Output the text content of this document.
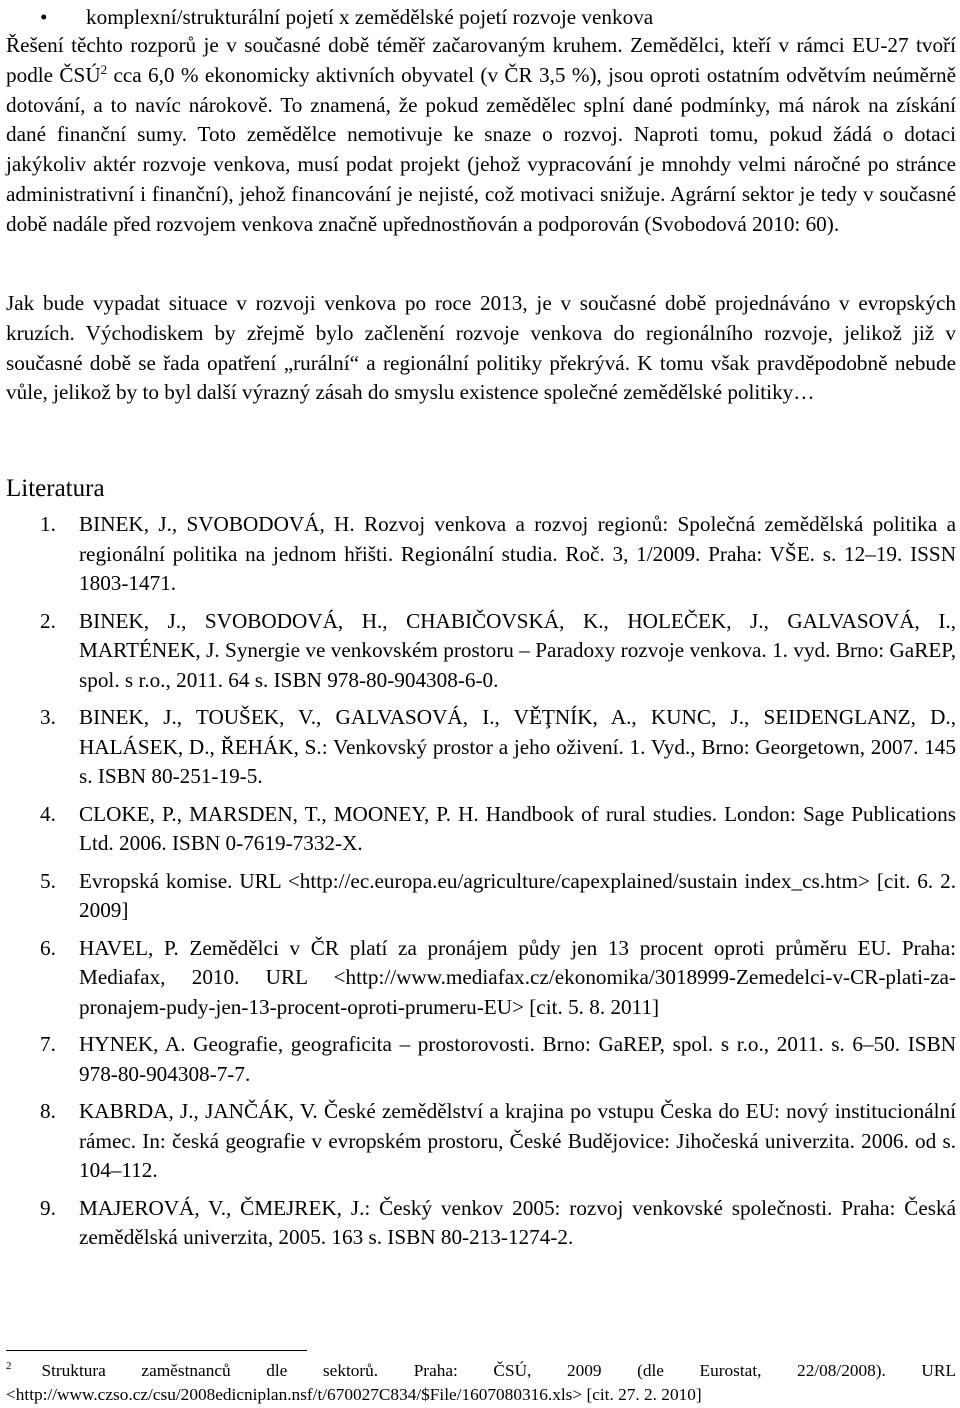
• komplexní/strukturální pojetí x zemědělské pojetí rozvoje venkova

Řešení těchto rozporů je v současné době téměř začarovaným kruhem. Zemědělci, kteří v rámci EU-27 tvoří podle ČSÚ$^2$ cca 6,0 % ekonomicky aktivních obyvatel (v ČR 3,5 %), jsou oproti ostatním odvětvím neúměrně dotování, a to navíc nárokově. To znamená, že pokud zemědělec splní dané podmínky, má nárok na získání dané finanční sumy. Toto zemědělce nemotivuje ke snaze o rozvoj. Naproti tomu, pokud žádá o dotaci jakýkoliv aktér rozvoje venkova, musí podat projekt (jehož vypracování je mnohdy velmi náročné po stránce administrativní i finanční), jehož financování je nejisté, což motivaci snižuje. Agrární sektor je tedy v současné době nadále před rozvojem venkova značně upřednostňován a podporován (Svobodová 2010: 60).

Jak bude vypadat situace v rozvoji venkova po roce 2013, je v současné době projednáváno v evropských kruzích. Východiskem by zřejmě bylo začlenění rozvoje venkova do regionálního rozvoje, jelikož již v současné době se řada opatření „rurální“ a regionální politiky překrývá. K tomu však pravděpodobně nebude vůle, jelikož by to byl další výrazný zásah do smyslu existence společné zemědělské politiky…

Literatura
1. BINEK, J., SVOBODOVÁ, H. Rozvoj venkova a rozvoj regionů: Společná zemědělská politika a regionální politika na jednom hřišti. Regionální studia. Roč. 3, 1/2009. Praha: VŠE. s. 12–19. ISSN 1803-1471.
2. BINEK, J., SVOBODOVÁ, H., CHABIČOVSKÁ, K., HOLEČEK, J., GALVASOVÁ, I., MARTÉNEK, J. Synergie ve venkovském prostoru – Paradoxy rozvoje venkova. 1. vyd. Brno: GaREP, spol. s r.o., 2011. 64 s. ISBN 978-80-904308-6-0.
3. BINEK, J., TOUŠEK, V., GALVASOVÁ, I., VĚŢNÍK, A., KUNC, J., SEIDENGLANZ, D., HALÁSEK, D., ŘEHÁK, S.: Venkovský prostor a jeho oživení. 1. Vyd., Brno: Georgetown, 2007. 145 s. ISBN 80-251-19-5.
4. CLOKE, P., MARSDEN, T., MOONEY, P. H. Handbook of rural studies. London: Sage Publications Ltd. 2006. ISBN 0-7619-7332-X.
5. Evropská komise. URL <http://ec.europa.eu/agriculture/capexplained/sustain index_cs.htm> [cit. 6. 2. 2009]
6. HAVEL, P. Zemědělci v ČR platí za pronájem půdy jen 13 procent oproti průměru EU. Praha: Mediafax, 2010. URL <http://www.mediafax.cz/ekonomika/3018999-Zemedelci-v-CR-plati-za-pronajem-pudy-jen-13-procent-oproti-prumeru-EU> [cit. 5. 8. 2011]
7. HYNEK, A. Geografie, geograficita – prostorovosti. Brno: GaREP, spol. s r.o., 2011. s. 6–50. ISBN 978-80-904308-7-7.
8. KABRDA, J., JANČÁK, V. České zemědělství a krajina po vstupu Česka do EU: nový institucionální rámec. In: česká geografie v evropském prostoru, České Budějovice: Jihočeská univerzita. 2006. od s. 104–112.
9. MAJEROVÁ, V., ČMEJREK, J.: Český venkov 2005: rozvoj venkovské společnosti. Praha: Česká zemědělská univerzita, 2005. 163 s. ISBN 80-213-1274-2.
$^2$ Struktura zaměstnanců dle sektorů. Praha: ČSÚ, 2009 (dle Eurostat, 22/08/2008). URL
<http://www.czso.cz/csu/2008edicniplan.nsf/t/670027C834/$File/1607080316.xls> [cit. 27. 2. 2010]
